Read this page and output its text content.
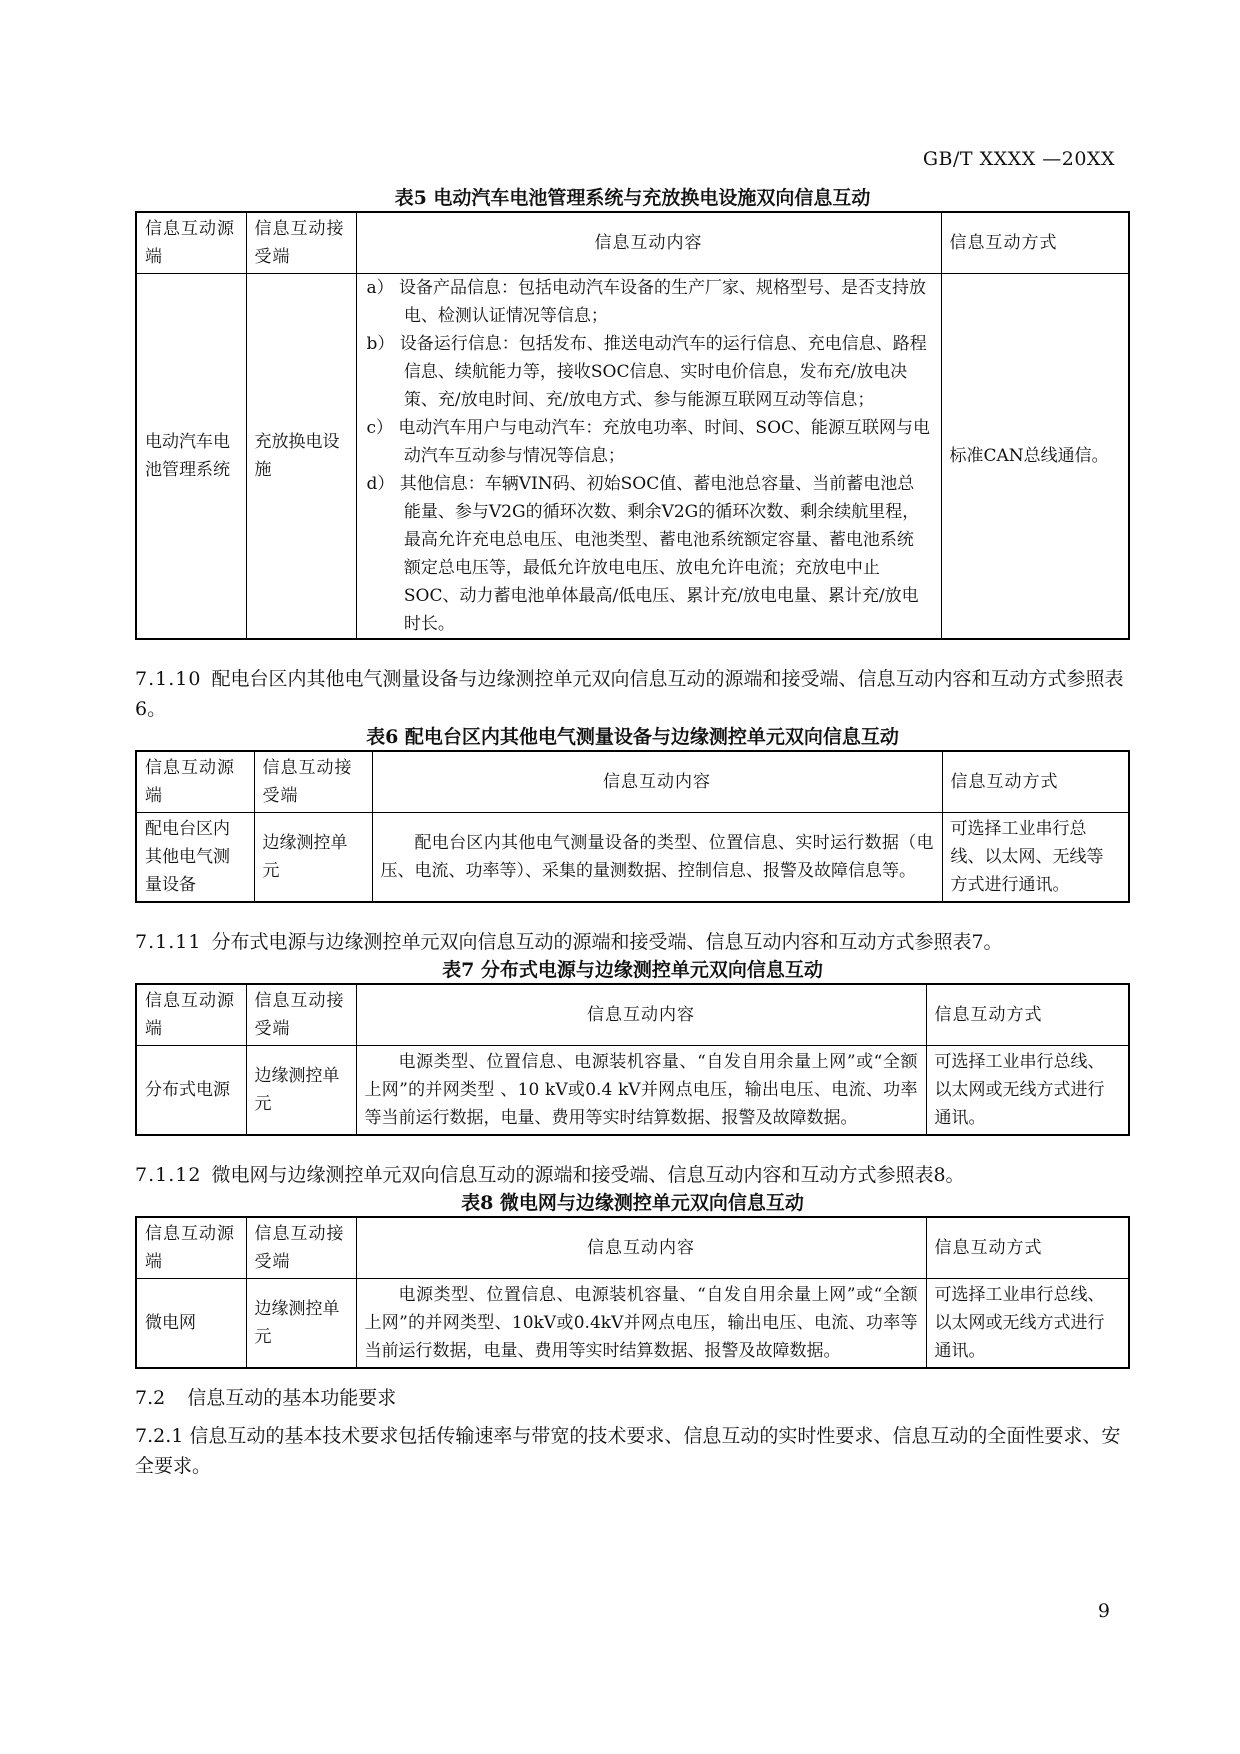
GB/T XXXX —20XX

表5 电动汽车电池管理系统与充放换电设施双向信息互动

信息互动源端	信息互动接受端	信息互动内容	信息互动方式
电动汽车电池管理系统	充放换电设施	a） 设备产品信息：包括电动汽车设备的生产厂家、规格型号、是否支持放电、检测认证情况等信息；
b） 设备运行信息：包括发布、推送电动汽车的运行信息、充电信息、路程信息、续航能力等，接收SOC信息、实时电价信息，发布充/放电决策、充/放电时间、充/放电方式、参与能源互联网互动等信息；
c） 电动汽车用户与电动汽车：充放电功率、时间、SOC、能源互联网与电动汽车互动参与情况等信息；
d） 其他信息：车辆VIN码、初始SOC值、蓄电池总容量、当前蓄电池总能量、参与V2G的循环次数、剩余V2G的循环次数、剩余续航里程，最高允许充电总电压、电池类型、蓄电池系统额定容量、蓄电池系统额定总电压等，最低允许放电电压、放电允许电流；充放电中止SOC、动力蓄电池单体最高/低电压、累计充/放电电量、累计充/放电时长。	标准CAN总线通信。

7.1.10 配电台区内其他电气测量设备与边缘测控单元双向信息互动的源端和接受端、信息互动内容和互动方式参照表6。

表6 配电台区内其他电气测量设备与边缘测控单元双向信息互动

信息互动源端	信息互动接受端	信息互动内容	信息互动方式
配电台区内其他电气测量设备	边缘测控单元	配电台区内其他电气测量设备的类型、位置信息、实时运行数据（电压、电流、功率等）、采集的量测数据、控制信息、报警及故障信息等。	可选择工业串行总线、以太网、无线等方式进行通讯。

7.1.11 分布式电源与边缘测控单元双向信息互动的源端和接受端、信息互动内容和互动方式参照表7。

表7 分布式电源与边缘测控单元双向信息互动

信息互动源端	信息互动接受端	信息互动内容	信息互动方式
分布式电源	边缘测控单元	电源类型、位置信息、电源装机容量、“自发自用余量上网”或“全额上网”的并网类型 、10 kV或0.4 kV并网点电压，输出电压、电流、功率等当前运行数据，电量、费用等实时结算数据、报警及故障数据。	可选择工业串行总线、以太网或无线方式进行通讯。

7.1.12 微电网与边缘测控单元双向信息互动的源端和接受端、信息互动内容和互动方式参照表8。

表8 微电网与边缘测控单元双向信息互动

信息互动源端	信息互动接受端	信息互动内容	信息互动方式
微电网	边缘测控单元	电源类型、位置信息、电源装机容量、“自发自用余量上网”或“全额上网”的并网类型、10kV或0.4kV并网点电压，输出电压、电流、功率等当前运行数据，电量、费用等实时结算数据、报警及故障数据。	可选择工业串行总线、以太网或无线方式进行通讯。

7.2 信息互动的基本功能要求

7.2.1 信息互动的基本技术要求包括传输速率与带宽的技术要求、信息互动的实时性要求、信息互动的全面性要求、安全要求。

9
